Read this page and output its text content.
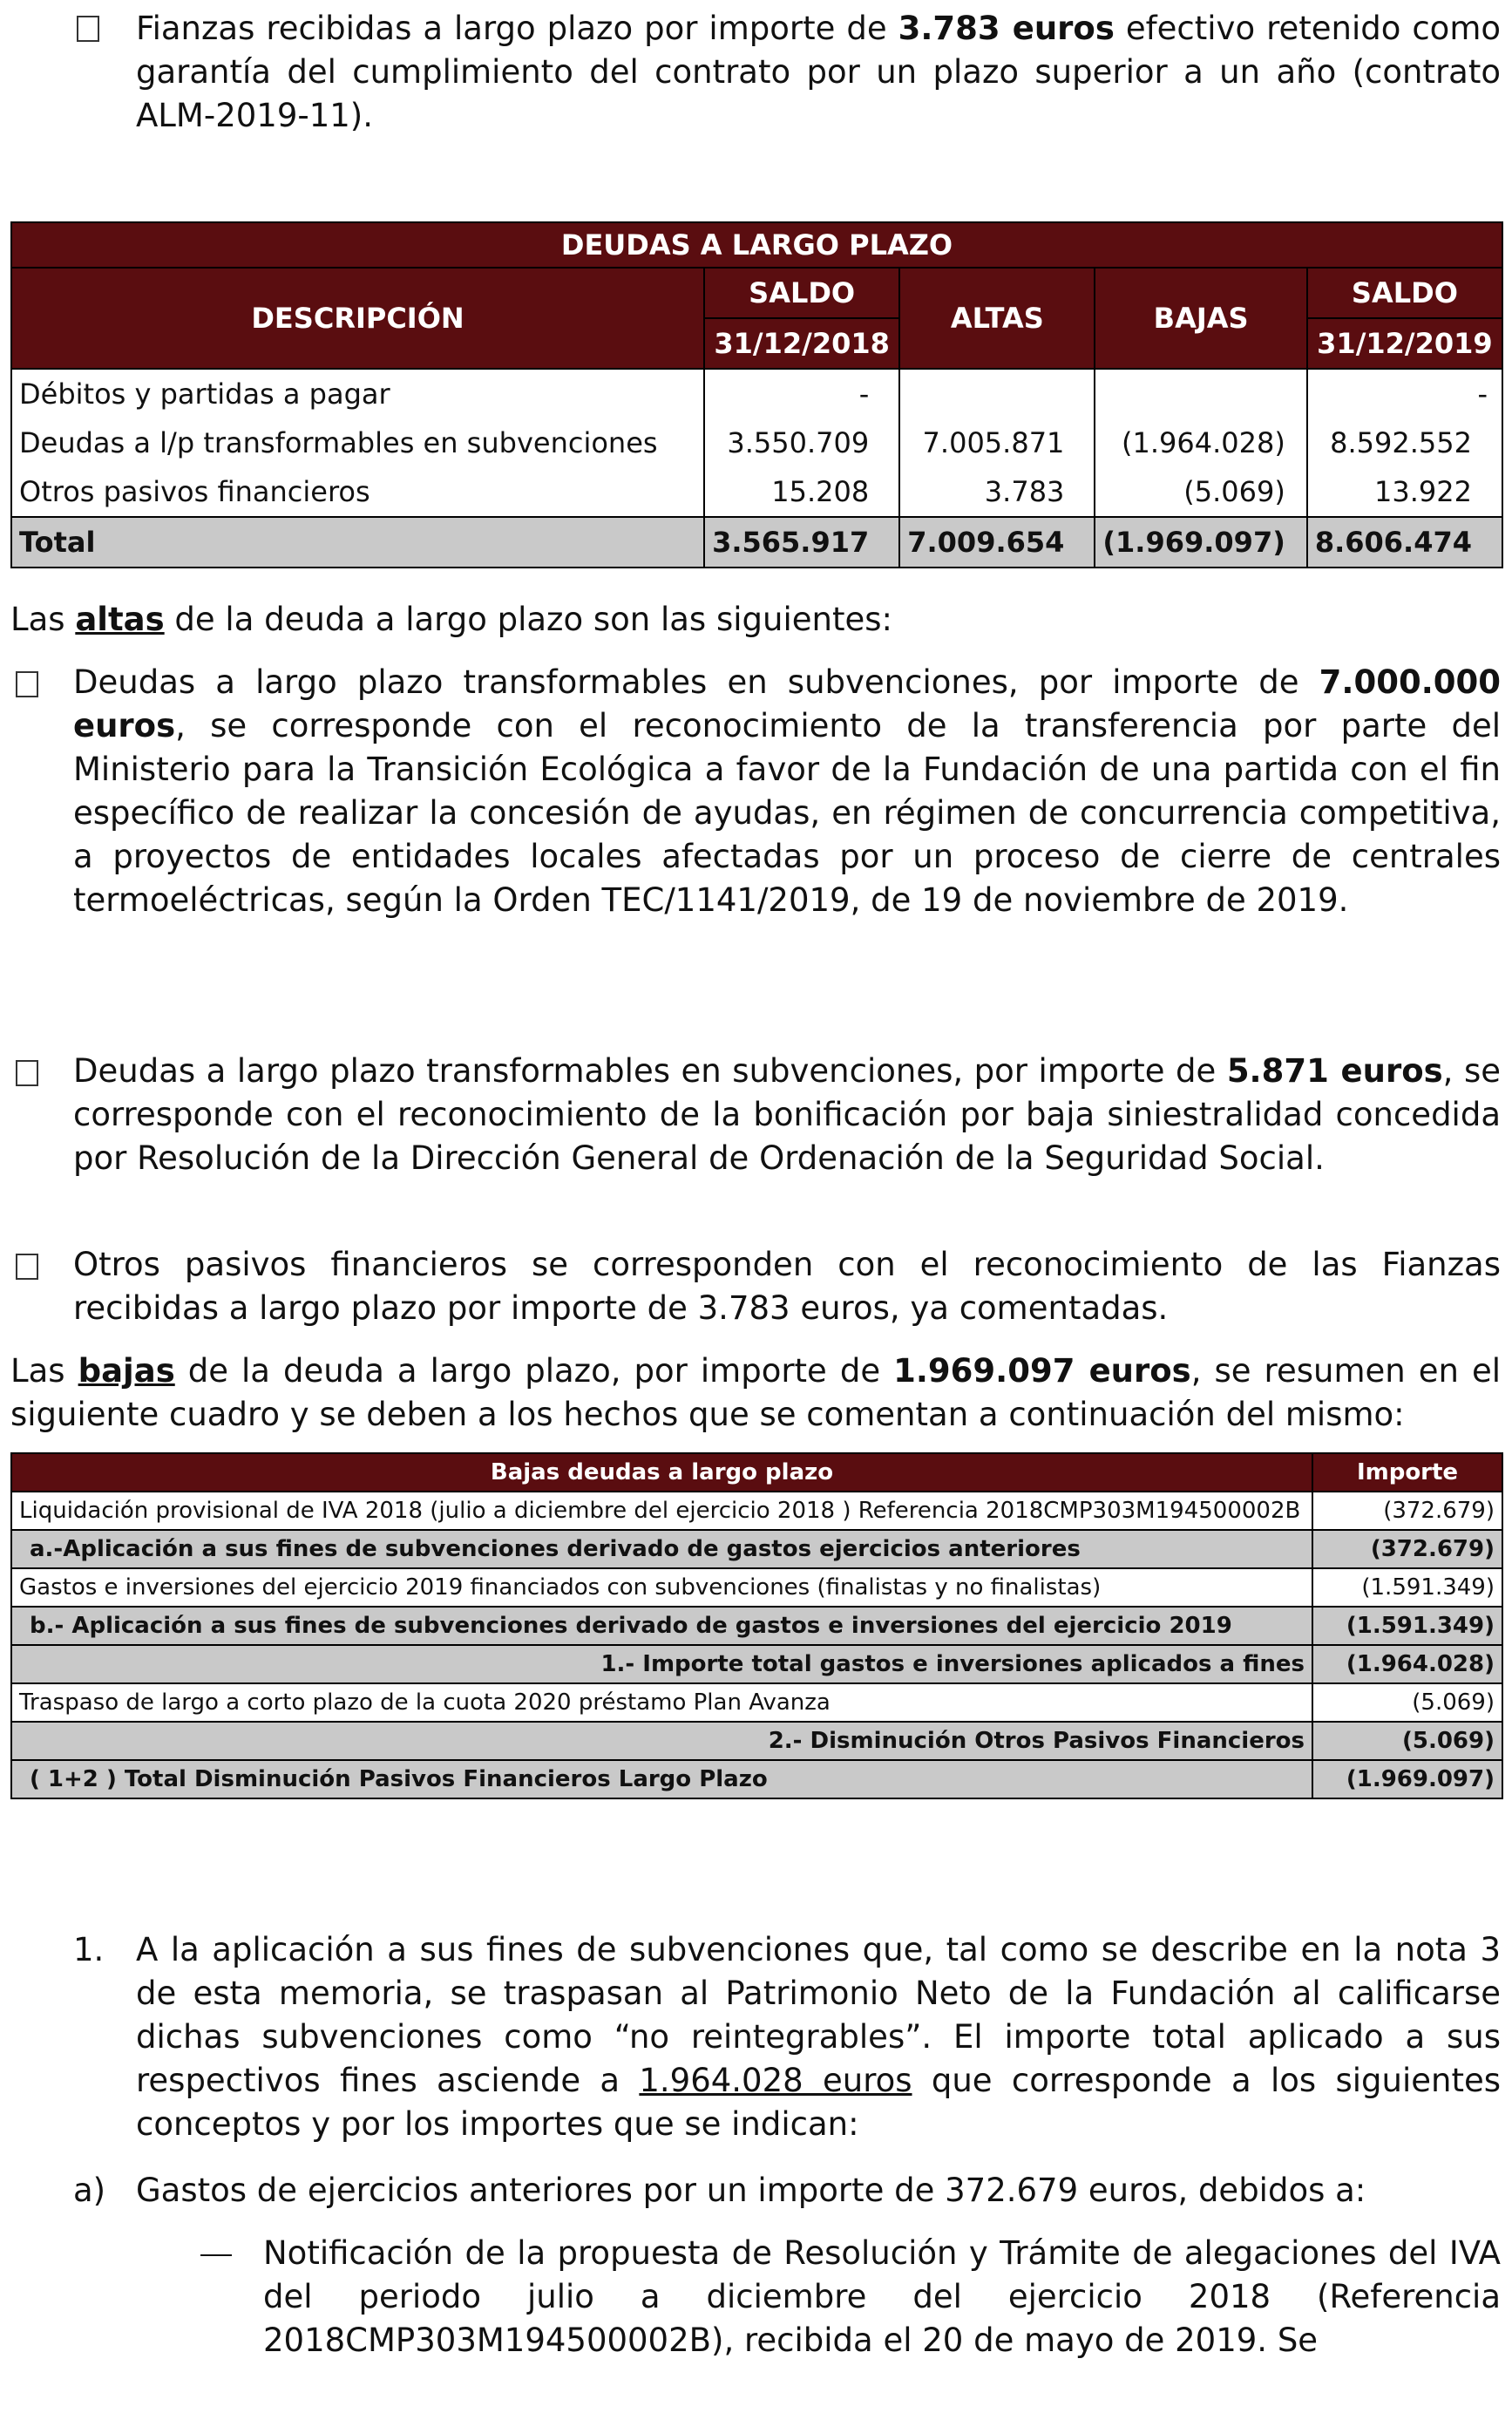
Fianzas recibidas a largo plazo por importe de 3.783 euros efectivo retenido como garantía del cumplimiento del contrato por un plazo superior a un año (contrato ALM-2019-11).
DEUDAS A LARGO PLAZO				
DESCRIPCIÓN	SALDO	ALTAS	BAJAS	SALDO
	31/12/2018			31/12/2019
Débitos y partidas a pagar	-			-
Deudas a l/p transformables en subvenciones	3.550.709	7.005.871	(1.964.028)	8.592.552
Otros pasivos financieros	15.208	3.783	(5.069)	13.922
Total	3.565.917	7.009.654	(1.969.097)	8.606.474
Las altas de la deuda a largo plazo son las siguientes:
Deudas a largo plazo transformables en subvenciones, por importe de 7.000.000 euros, se corresponde con el reconocimiento de la transferencia por parte del Ministerio para la Transición Ecológica a favor de la Fundación de una partida con el fin específico de realizar la concesión de ayudas, en régimen de concurrencia competitiva, a proyectos de entidades locales afectadas por un proceso de cierre de centrales termoeléctricas, según la Orden TEC/1141/2019, de 19 de noviembre de 2019.
Deudas a largo plazo transformables en subvenciones, por importe de 5.871 euros, se corresponde con el reconocimiento de la bonificación por baja siniestralidad concedida por Resolución de la Dirección General de Ordenación de la Seguridad Social.
Otros pasivos financieros se corresponden con el reconocimiento de las Fianzas recibidas a largo plazo por importe de 3.783 euros, ya comentadas.
Las bajas de la deuda a largo plazo, por importe de 1.969.097 euros, se resumen en el siguiente cuadro y se deben a los hechos que se comentan a continuación del mismo:
Bajas deudas a largo plazo	Importe
Liquidación provisional de IVA 2018 (julio a diciembre del ejercicio 2018 ) Referencia 2018CMP303M194500002B	(372.679)
a.-Aplicación a sus fines de subvenciones derivado de gastos ejercicios anteriores	(372.679)
Gastos e inversiones del ejercicio 2019 financiados con subvenciones (finalistas y no finalistas)	(1.591.349)
b.- Aplicación a sus fines de subvenciones derivado de gastos e inversiones del ejercicio 2019	(1.591.349)
1.- Importe total gastos e inversiones aplicados a fines	(1.964.028)
Traspaso de largo a corto plazo de la cuota 2020 préstamo Plan Avanza	(5.069)
2.- Disminución Otros Pasivos Financieros	(5.069)
( 1+2 ) Total Disminución Pasivos Financieros Largo Plazo	(1.969.097)
1. A la aplicación a sus fines de subvenciones que, tal como se describe en la nota 3 de esta memoria, se traspasan al Patrimonio Neto de la Fundación al calificarse dichas subvenciones como “no reintegrables”. El importe total aplicado a sus respectivos fines asciende a 1.964.028 euros que corresponde a los siguientes conceptos y por los importes que se indican:
a) Gastos de ejercicios anteriores por un importe de 372.679 euros, debidos a:
Notificación de la propuesta de Resolución y Trámite de alegaciones del IVA del periodo julio a diciembre del ejercicio 2018 (Referencia 2018CMP303M194500002B), recibida el 20 de mayo de 2019. Se
